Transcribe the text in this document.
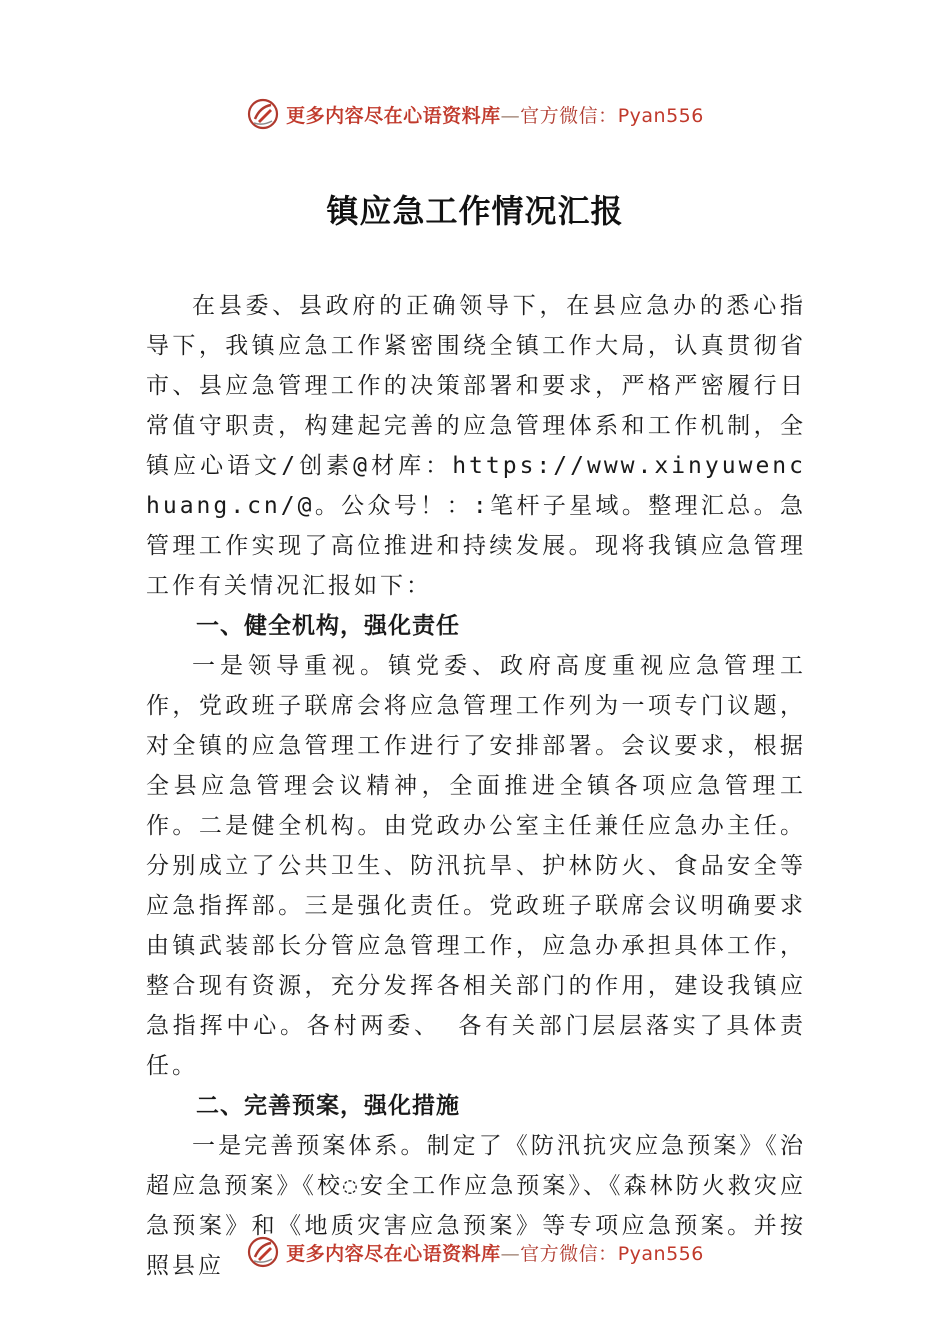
更多内容尽在心语资料库—官方微信：Pyan556
镇应急工作情况汇报

在县委、县政府的正确领导下，在县应急办的悉心指导下，我镇应急工作紧密围绕全镇工作大局，认真贯彻省市、县应急管理工作的决策部署和要求，严格严密履行日常值守职责，构建起完善的应急管理体系和工作机制，全镇应心语文/创素@材库：https://www.xinyuwenchuang.cn/@。公众号！：:笔杆子星域。整理汇总。急管理工作实现了高位推进和持续发展。现将我镇应急管理工作有关情况汇报如下：

一、健全机构，强化责任

一是领导重视。镇党委、政府高度重视应急管理工作，党政班子联席会将应急管理工作列为一项专门议题，对全镇的应急管理工作进行了安排部署。会议要求，根据全县应急管理会议精神，全面推进全镇各项应急管理工作。二是健全机构。由党政办公室主任兼任应急办主任。分别成立了公共卫生、防汛抗旱、护林防火、食品安全等应急指挥部。三是强化责任。党政班子联席会议明确要求由镇武装部长分管应急管理工作，应急办承担具体工作，整合现有资源，充分发挥各相关部门的作用，建设我镇应急指挥中心。各村两委、 各有关部门层层落实了具体责任。

二、完善预案，强化措施

一是完善预案体系。制定了《防汛抗灾应急预案》《治超应急预案》《校◌安全工作应急预案》、《森林防火救灾应急预案》和《地质灾害应急预案》等专项应急预案。并按照县应	更多内容尽在心语资料库—官方微信：Pyan556
